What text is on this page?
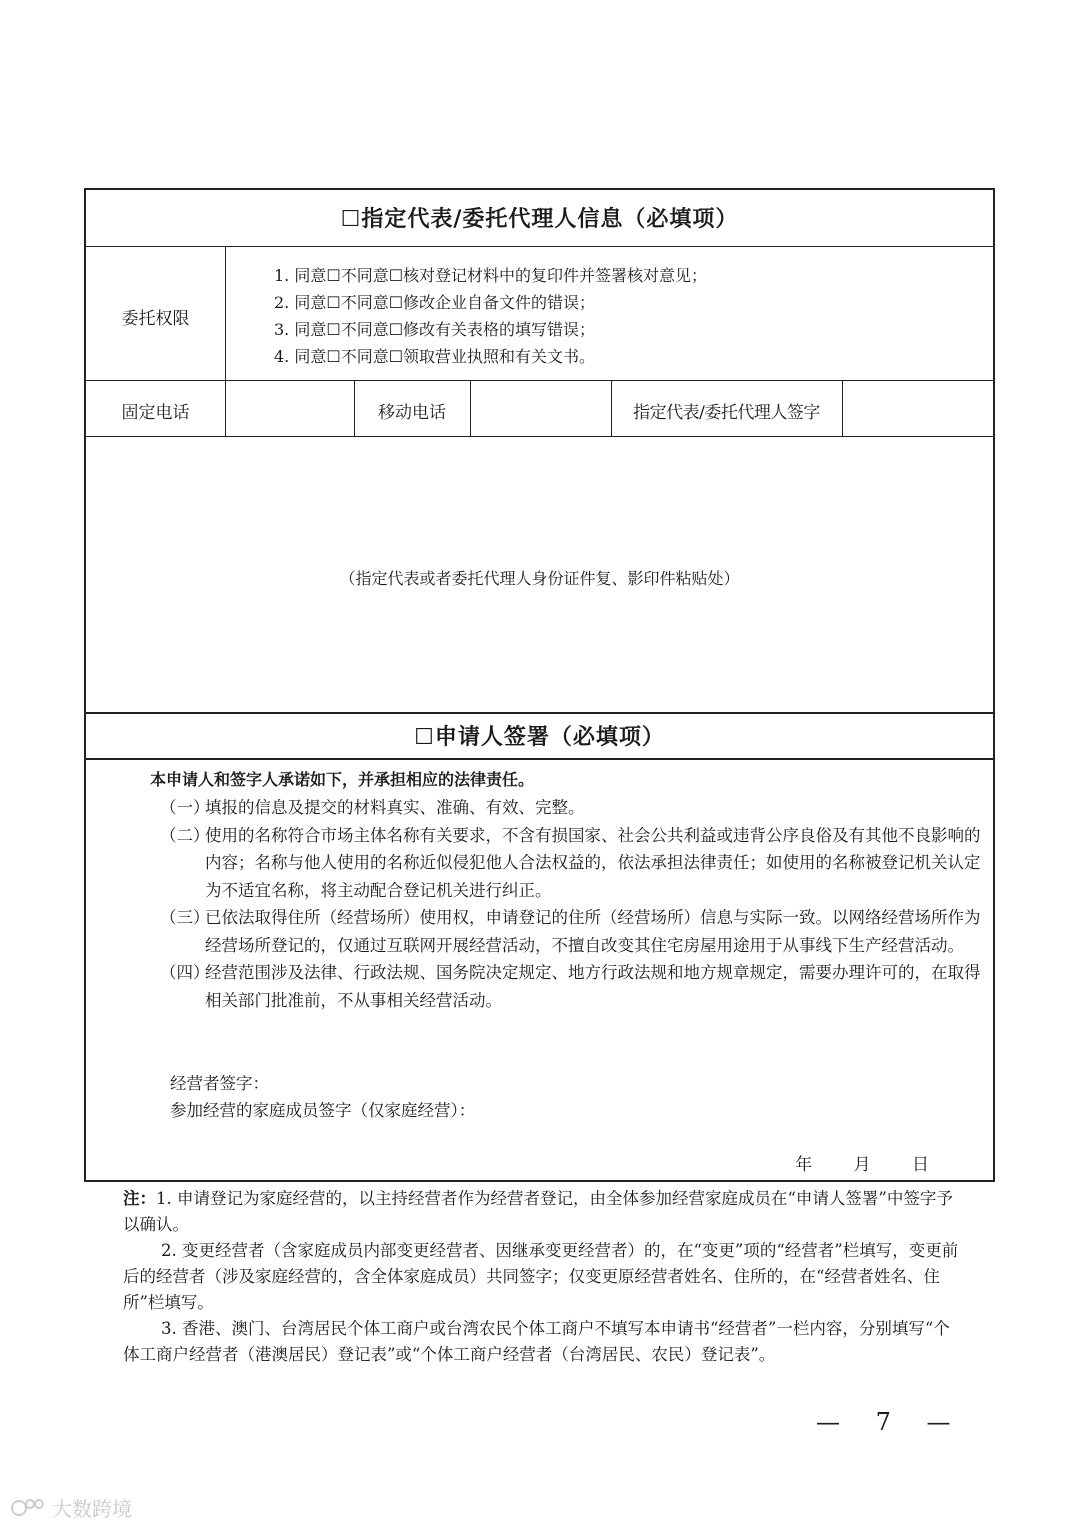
☐指定代表/委托代理人信息（必填项）
委托权限
1. 同意☐不同意☐核对登记材料中的复印件并签署核对意见；
2. 同意☐不同意☐修改企业自备文件的错误；
3. 同意☐不同意☐修改有关表格的填写错误；
4. 同意☐不同意☐领取营业执照和有关文书。
固定电话	移动电话	指定代表/委托代理人签字
（指定代表或者委托代理人身份证件复、影印件粘贴处）
☐申请人签署（必填项）
本申请人和签字人承诺如下，并承担相应的法律责任。
（一）
填报的信息及提交的材料真实、准确、有效、完整。
（二）
使用的名称符合市场主体名称有关要求，不含有损国家、社会公共利益或违背公序良俗及有其他不良影响的内容；名称与他人使用的名称近似侵犯他人合法权益的，依法承担法律责任；如使用的名称被登记机关认定为不适宜名称，将主动配合登记机关进行纠正。
（三）
已依法取得住所（经营场所）使用权，申请登记的住所（经营场所）信息与实际一致。以网络经营场所作为经营场所登记的，仅通过互联网开展经营活动，不擅自改变其住宅房屋用途用于从事线下生产经营活动。
（四）
经营范围涉及法律、行政法规、国务院决定规定、地方行政法规和地方规章规定，需要办理许可的，在取得相关部门批准前，不从事相关经营活动。
经营者签字：
参加经营的家庭成员签字（仅家庭经营）：
年 月 日

注：1. 申请登记为家庭经营的，以主持经营者作为经营者登记，由全体参加经营家庭成员在“申请人签署”中签字予以确认。

2. 变更经营者（含家庭成员内部变更经营者、因继承变更经营者）的，在“变更”项的“经营者”栏填写，变更前后的经营者（涉及家庭经营的，含全体家庭成员）共同签字；仅变更原经营者姓名、住所的，在“经营者姓名、住所”栏填写。

3. 香港、澳门、台湾居民个体工商户或台湾农民个体工商户不填写本申请书“经营者”一栏内容，分别填写“个体工商户经营者（港澳居民）登记表”或“个体工商户经营者（台湾居民、农民）登记表”。

— 7 —
大数跨境
